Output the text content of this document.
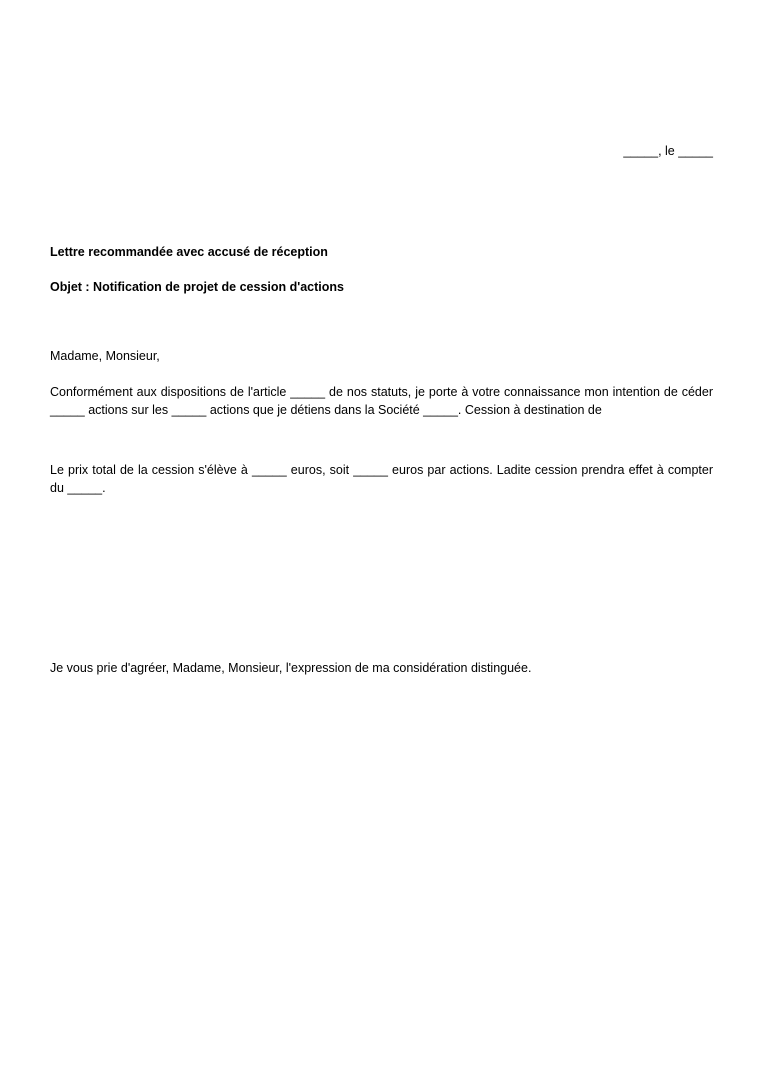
_____, le _____
Lettre recommandée avec accusé de réception
Objet : Notification de projet de cession d'actions
Madame, Monsieur,
Conformément aux dispositions de l'article _____ de nos statuts, je porte à votre connaissance mon intention de céder _____ actions sur les _____ actions que je détiens dans la Société _____. Cession à destination de
Le prix total de la cession s'élève à _____ euros, soit _____ euros par actions. Ladite cession prendra effet à compter du _____.
Je vous prie d'agréer, Madame, Monsieur, l'expression de ma considération distinguée.
